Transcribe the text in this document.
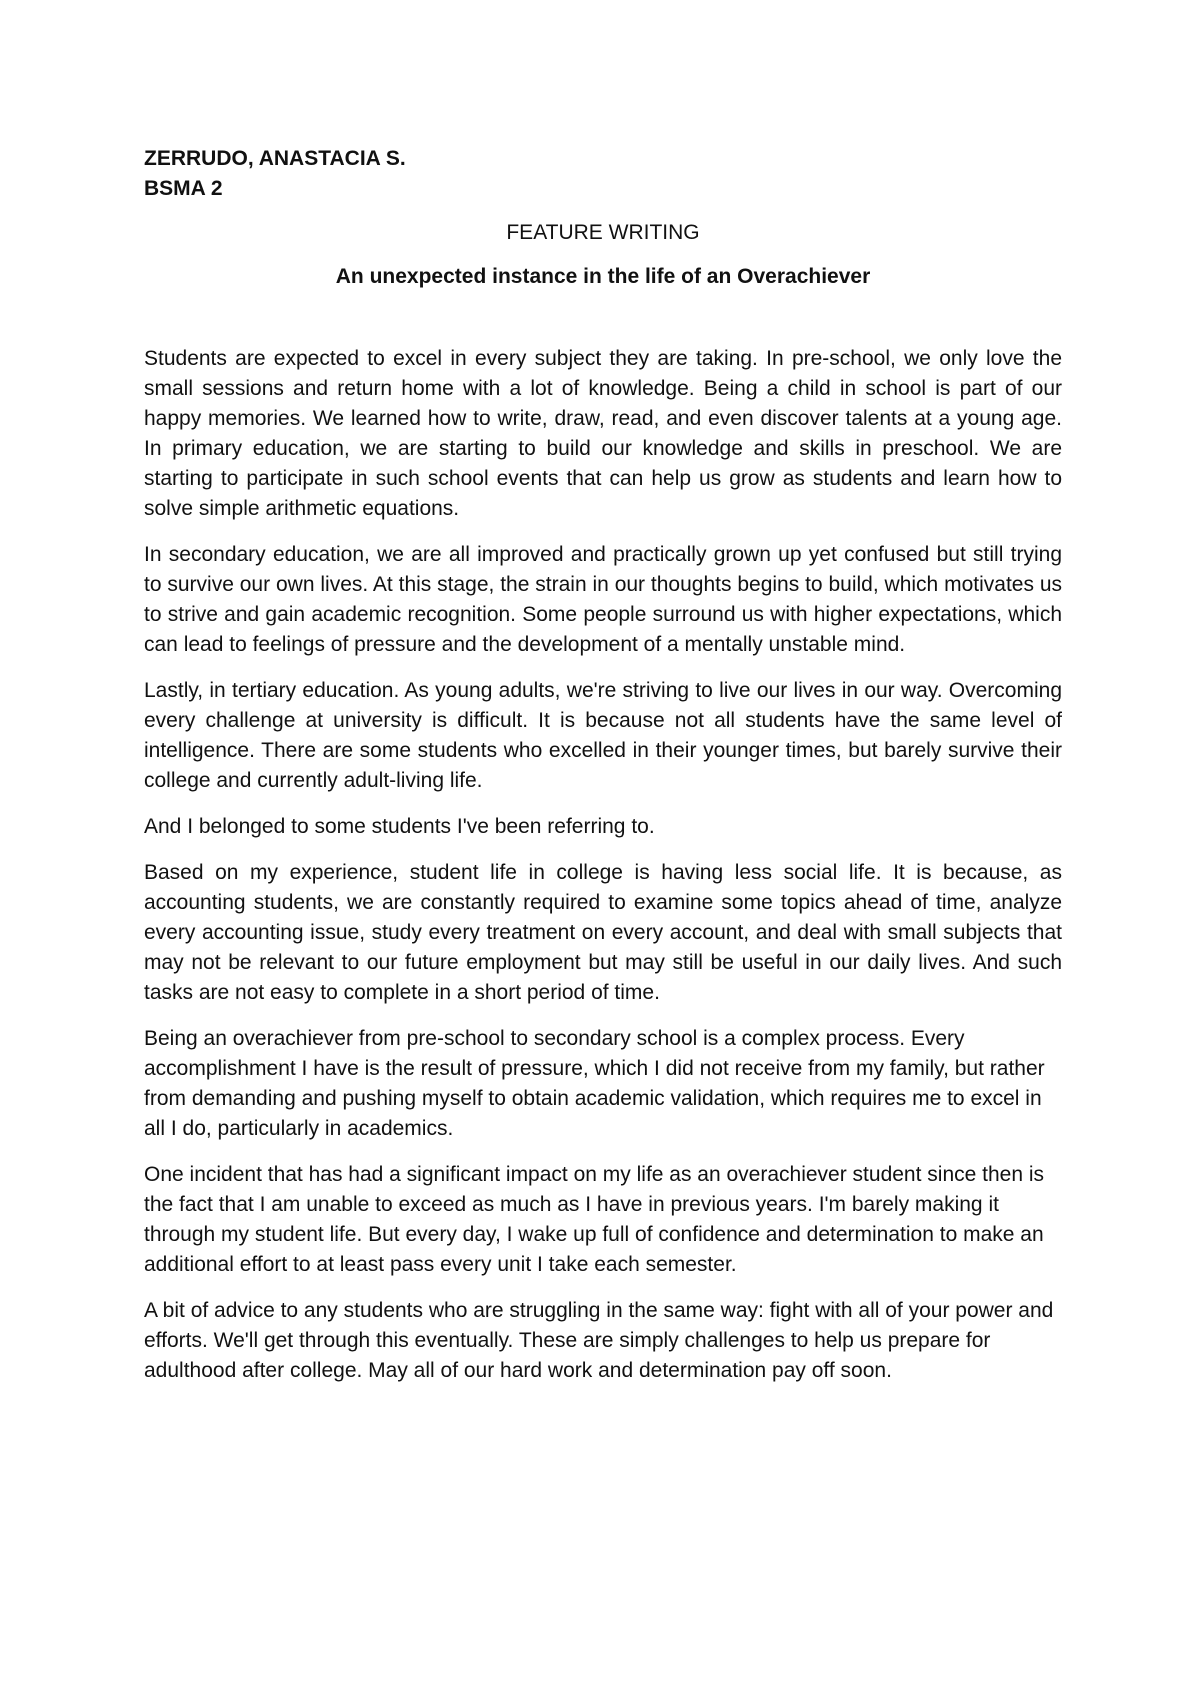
ZERRUDO, ANASTACIA S.

BSMA 2

FEATURE WRITING

An unexpected instance in the life of an Overachiever

Students are expected to excel in every subject they are taking. In pre-school, we only love the small sessions and return home with a lot of knowledge. Being a child in school is part of our happy memories. We learned how to write, draw, read, and even discover talents at a young age. In primary education, we are starting to build our knowledge and skills in preschool. We are starting to participate in such school events that can help us grow as students and learn how to solve simple arithmetic equations.

In secondary education, we are all improved and practically grown up yet confused but still trying to survive our own lives. At this stage, the strain in our thoughts begins to build, which motivates us to strive and gain academic recognition. Some people surround us with higher expectations, which can lead to feelings of pressure and the development of a mentally unstable mind.

Lastly, in tertiary education. As young adults, we're striving to live our lives in our way. Overcoming every challenge at university is difficult. It is because not all students have the same level of intelligence. There are some students who excelled in their younger times, but barely survive their college and currently adult-living life.

And I belonged to some students I've been referring to.

Based on my experience, student life in college is having less social life. It is because, as accounting students, we are constantly required to examine some topics ahead of time, analyze every accounting issue, study every treatment on every account, and deal with small subjects that may not be relevant to our future employment but may still be useful in our daily lives. And such tasks are not easy to complete in a short period of time.

Being an overachiever from pre-school to secondary school is a complex process. Every accomplishment I have is the result of pressure, which I did not receive from my family, but rather from demanding and pushing myself to obtain academic validation, which requires me to excel in all I do, particularly in academics.

One incident that has had a significant impact on my life as an overachiever student since then is the fact that I am unable to exceed as much as I have in previous years. I'm barely making it through my student life. But every day, I wake up full of confidence and determination to make an additional effort to at least pass every unit I take each semester.

A bit of advice to any students who are struggling in the same way: fight with all of your power and efforts. We'll get through this eventually. These are simply challenges to help us prepare for adulthood after college. May all of our hard work and determination pay off soon.
